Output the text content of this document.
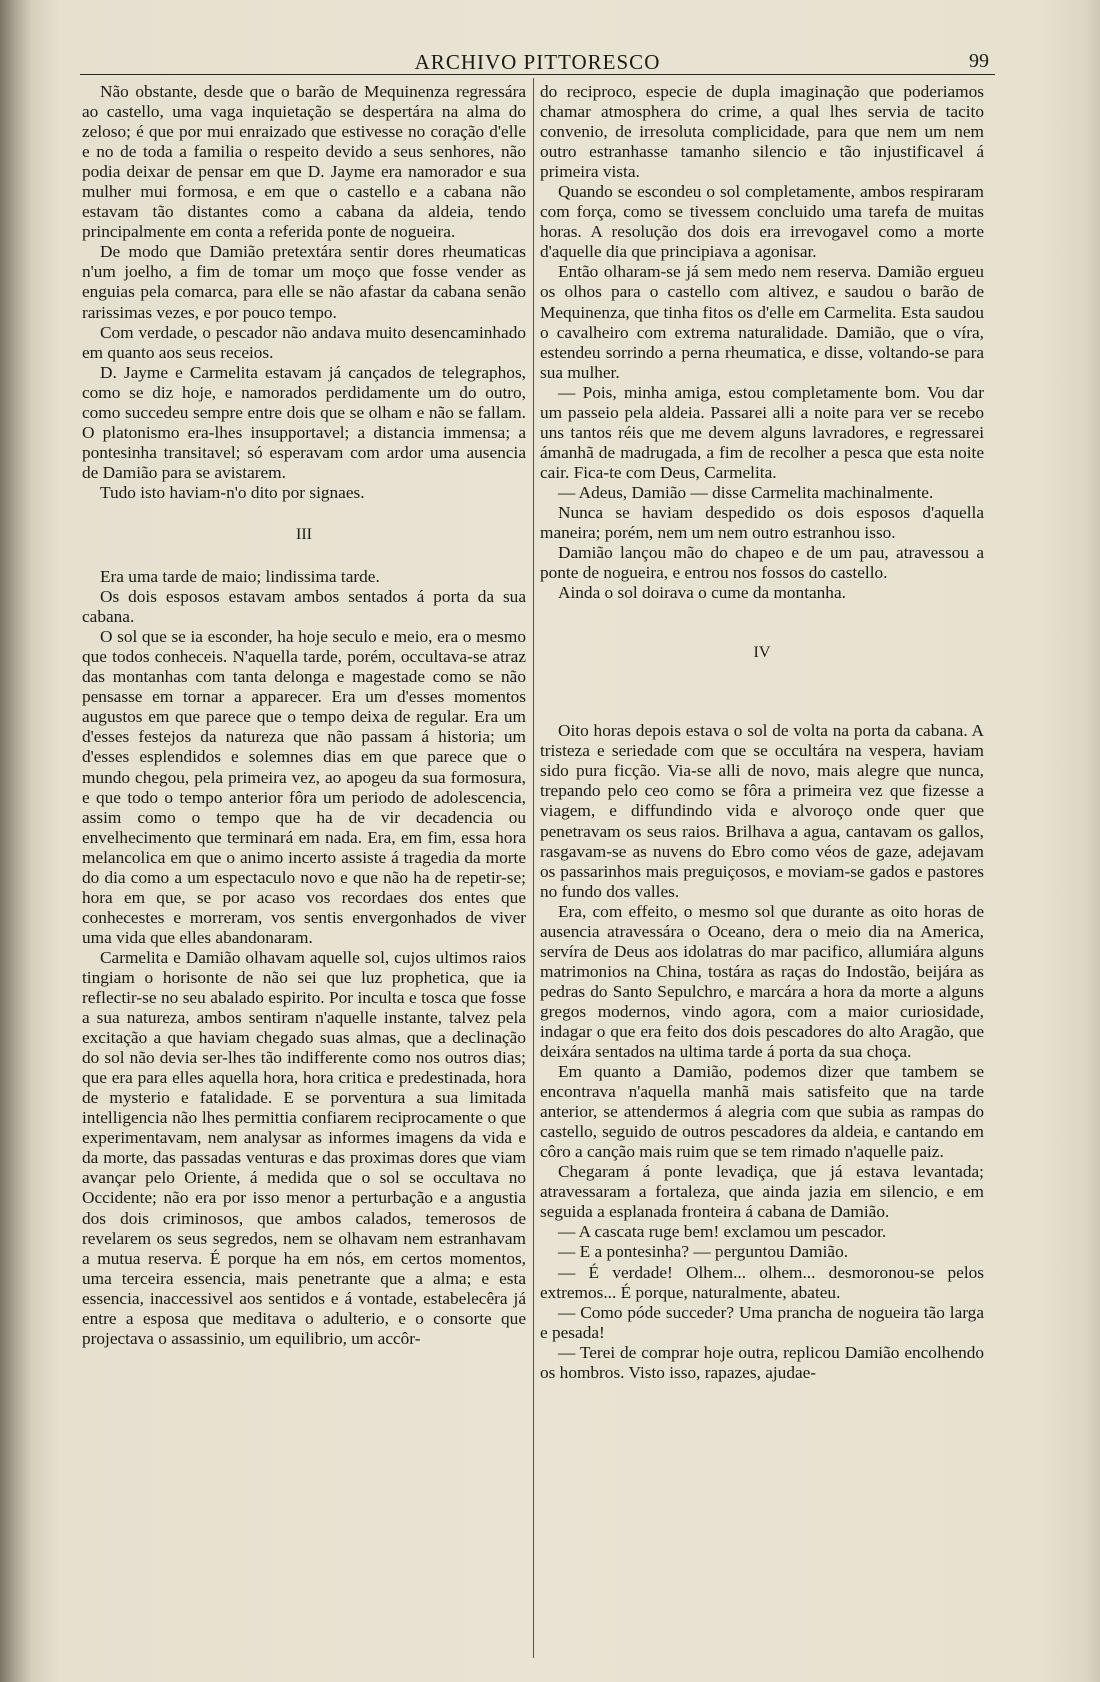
ARCHIVO PITTORESCO	99

Não obstante, desde que o barão de Mequinenza regressára ao castello, uma vaga inquietação se despertára na alma do zeloso; é que por mui enraizado que estivesse no coração d'elle e no de toda a familia o respeito devido a seus senhores, não podia deixar de pensar em que D. Jayme era namorador e sua mulher mui formosa, e em que o castello e a cabana não estavam tão distantes como a cabana da aldeia, tendo principalmente em conta a referida ponte de nogueira.

De modo que Damião pretextára sentir dores rheumaticas n'um joelho, a fim de tomar um moço que fosse vender as enguias pela comarca, para elle se não afastar da cabana senão rarissimas vezes, e por pouco tempo.

Com verdade, o pescador não andava muito desencaminhado em quanto aos seus receios.

D. Jayme e Carmelita estavam já cançados de telegraphos, como se diz hoje, e namorados perdidamente um do outro, como succedeu sempre entre dois que se olham e não se fallam. O platonismo era-lhes insupportavel; a distancia immensa; a pontesinha transitavel; só esperavam com ardor uma ausencia de Damião para se avistarem.

Tudo isto haviam-n'o dito por signaes.

III

Era uma tarde de maio; lindissima tarde.

Os dois esposos estavam ambos sentados á porta da sua cabana.

O sol que se ia esconder, ha hoje seculo e meio, era o mesmo que todos conheceis. N'aquella tarde, porém, occultava-se atraz das montanhas com tanta delonga e magestade como se não pensasse em tornar a apparecer. Era um d'esses momentos augustos em que parece que o tempo deixa de regular. Era um d'esses festejos da natureza que não passam á historia; um d'esses esplendidos e solemnes dias em que parece que o mundo chegou, pela primeira vez, ao apogeu da sua formosura, e que todo o tempo anterior fôra um periodo de adolescencia, assim como o tempo que ha de vir decadencia ou envelhecimento que terminará em nada. Era, em fim, essa hora melancolica em que o animo incerto assiste á tragedia da morte do dia como a um espectaculo novo e que não ha de repetir-se; hora em que, se por acaso vos recordaes dos entes que conhecestes e morreram, vos sentis envergonhados de viver uma vida que elles abandonaram.

Carmelita e Damião olhavam aquelle sol, cujos ultimos raios tingiam o horisonte de não sei que luz prophetica, que ia reflectir-se no seu abalado espirito. Por inculta e tosca que fosse a sua natureza, ambos sentiram n'aquelle instante, talvez pela excitação a que haviam chegado suas almas, que a declinação do sol não devia ser-lhes tão indifferente como nos outros dias; que era para elles aquella hora, hora critica e predestinada, hora de mysterio e fatalidade. E se porventura a sua limitada intelligencia não lhes permittia confiarem reciprocamente o que experimentavam, nem analysar as informes imagens da vida e da morte, das passadas venturas e das proximas dores que viam avançar pelo Oriente, á medida que o sol se occultava no Occidente; não era por isso menor a perturbação e a angustia dos dois criminosos, que ambos calados, temerosos de revelarem os seus segredos, nem se olhavam nem estranhavam a mutua reserva. É porque ha em nós, em certos momentos, uma terceira essencia, mais penetrante que a alma; e esta essencia, inaccessivel aos sentidos e á vontade, estabelecêra já entre a esposa que meditava o adulterio, e o consorte que projectava o assassinio, um equilibrio, um accôr-

do reciproco, especie de dupla imaginação que poderiamos chamar atmosphera do crime, a qual lhes servia de tacito convenio, de irresoluta complicidade, para que nem um nem outro estranhasse tamanho silencio e tão injustificavel á primeira vista.

Quando se escondeu o sol completamente, ambos respiraram com força, como se tivessem concluido uma tarefa de muitas horas. A resolução dos dois era irrevogavel como a morte d'aquelle dia que principiava a agonisar.

Então olharam-se já sem medo nem reserva. Damião ergueu os olhos para o castello com altivez, e saudou o barão de Mequinenza, que tinha fitos os d'elle em Carmelita. Esta saudou o cavalheiro com extrema naturalidade. Damião, que o víra, estendeu sorrindo a perna rheumatica, e disse, voltando-se para sua mulher.

— Pois, minha amiga, estou completamente bom. Vou dar um passeio pela aldeia. Passarei alli a noite para ver se recebo uns tantos réis que me devem alguns lavradores, e regressarei ámanhã de madrugada, a fim de recolher a pesca que esta noite cair. Fica-te com Deus, Carmelita.

— Adeus, Damião — disse Carmelita machinalmente.

Nunca se haviam despedido os dois esposos d'aquella maneira; porém, nem um nem outro estranhou isso.

Damião lançou mão do chapeo e de um pau, atravessou a ponte de nogueira, e entrou nos fossos do castello.

Ainda o sol doirava o cume da montanha.

IV

Oito horas depois estava o sol de volta na porta da cabana. A tristeza e seriedade com que se occultára na vespera, haviam sido pura ficção. Via-se alli de novo, mais alegre que nunca, trepando pelo ceo como se fôra a primeira vez que fizesse a viagem, e diffundindo vida e alvoroço onde quer que penetravam os seus raios. Brilhava a agua, cantavam os gallos, rasgavam-se as nuvens do Ebro como véos de gaze, adejavam os passarinhos mais preguiçosos, e moviam-se gados e pastores no fundo dos valles.

Era, com effeito, o mesmo sol que durante as oito horas de ausencia atravessára o Oceano, dera o meio dia na America, servíra de Deus aos idolatras do mar pacifico, allumiára alguns matrimonios na China, tostára as raças do Indostão, beijára as pedras do Santo Sepulchro, e marcára a hora da morte a alguns gregos modernos, vindo agora, com a maior curiosidade, indagar o que era feito dos dois pescadores do alto Aragão, que deixára sentados na ultima tarde á porta da sua choça.

Em quanto a Damião, podemos dizer que tambem se encontrava n'aquella manhã mais satisfeito que na tarde anterior, se attendermos á alegria com que subia as rampas do castello, seguido de outros pescadores da aldeia, e cantando em côro a canção mais ruim que se tem rimado n'aquelle paiz.

Chegaram á ponte levadiça, que já estava levantada; atravessaram a fortaleza, que ainda jazia em silencio, e em seguida a esplanada fronteira á cabana de Damião.

— A cascata ruge bem! exclamou um pescador.

— E a pontesinha? — perguntou Damião.

— É verdade! Olhem... olhem... desmoronou-se pelos extremos... É porque, naturalmente, abateu.

— Como póde succeder? Uma prancha de nogueira tão larga e pesada!

— Terei de comprar hoje outra, replicou Damião encolhendo os hombros. Visto isso, rapazes, ajudae-
